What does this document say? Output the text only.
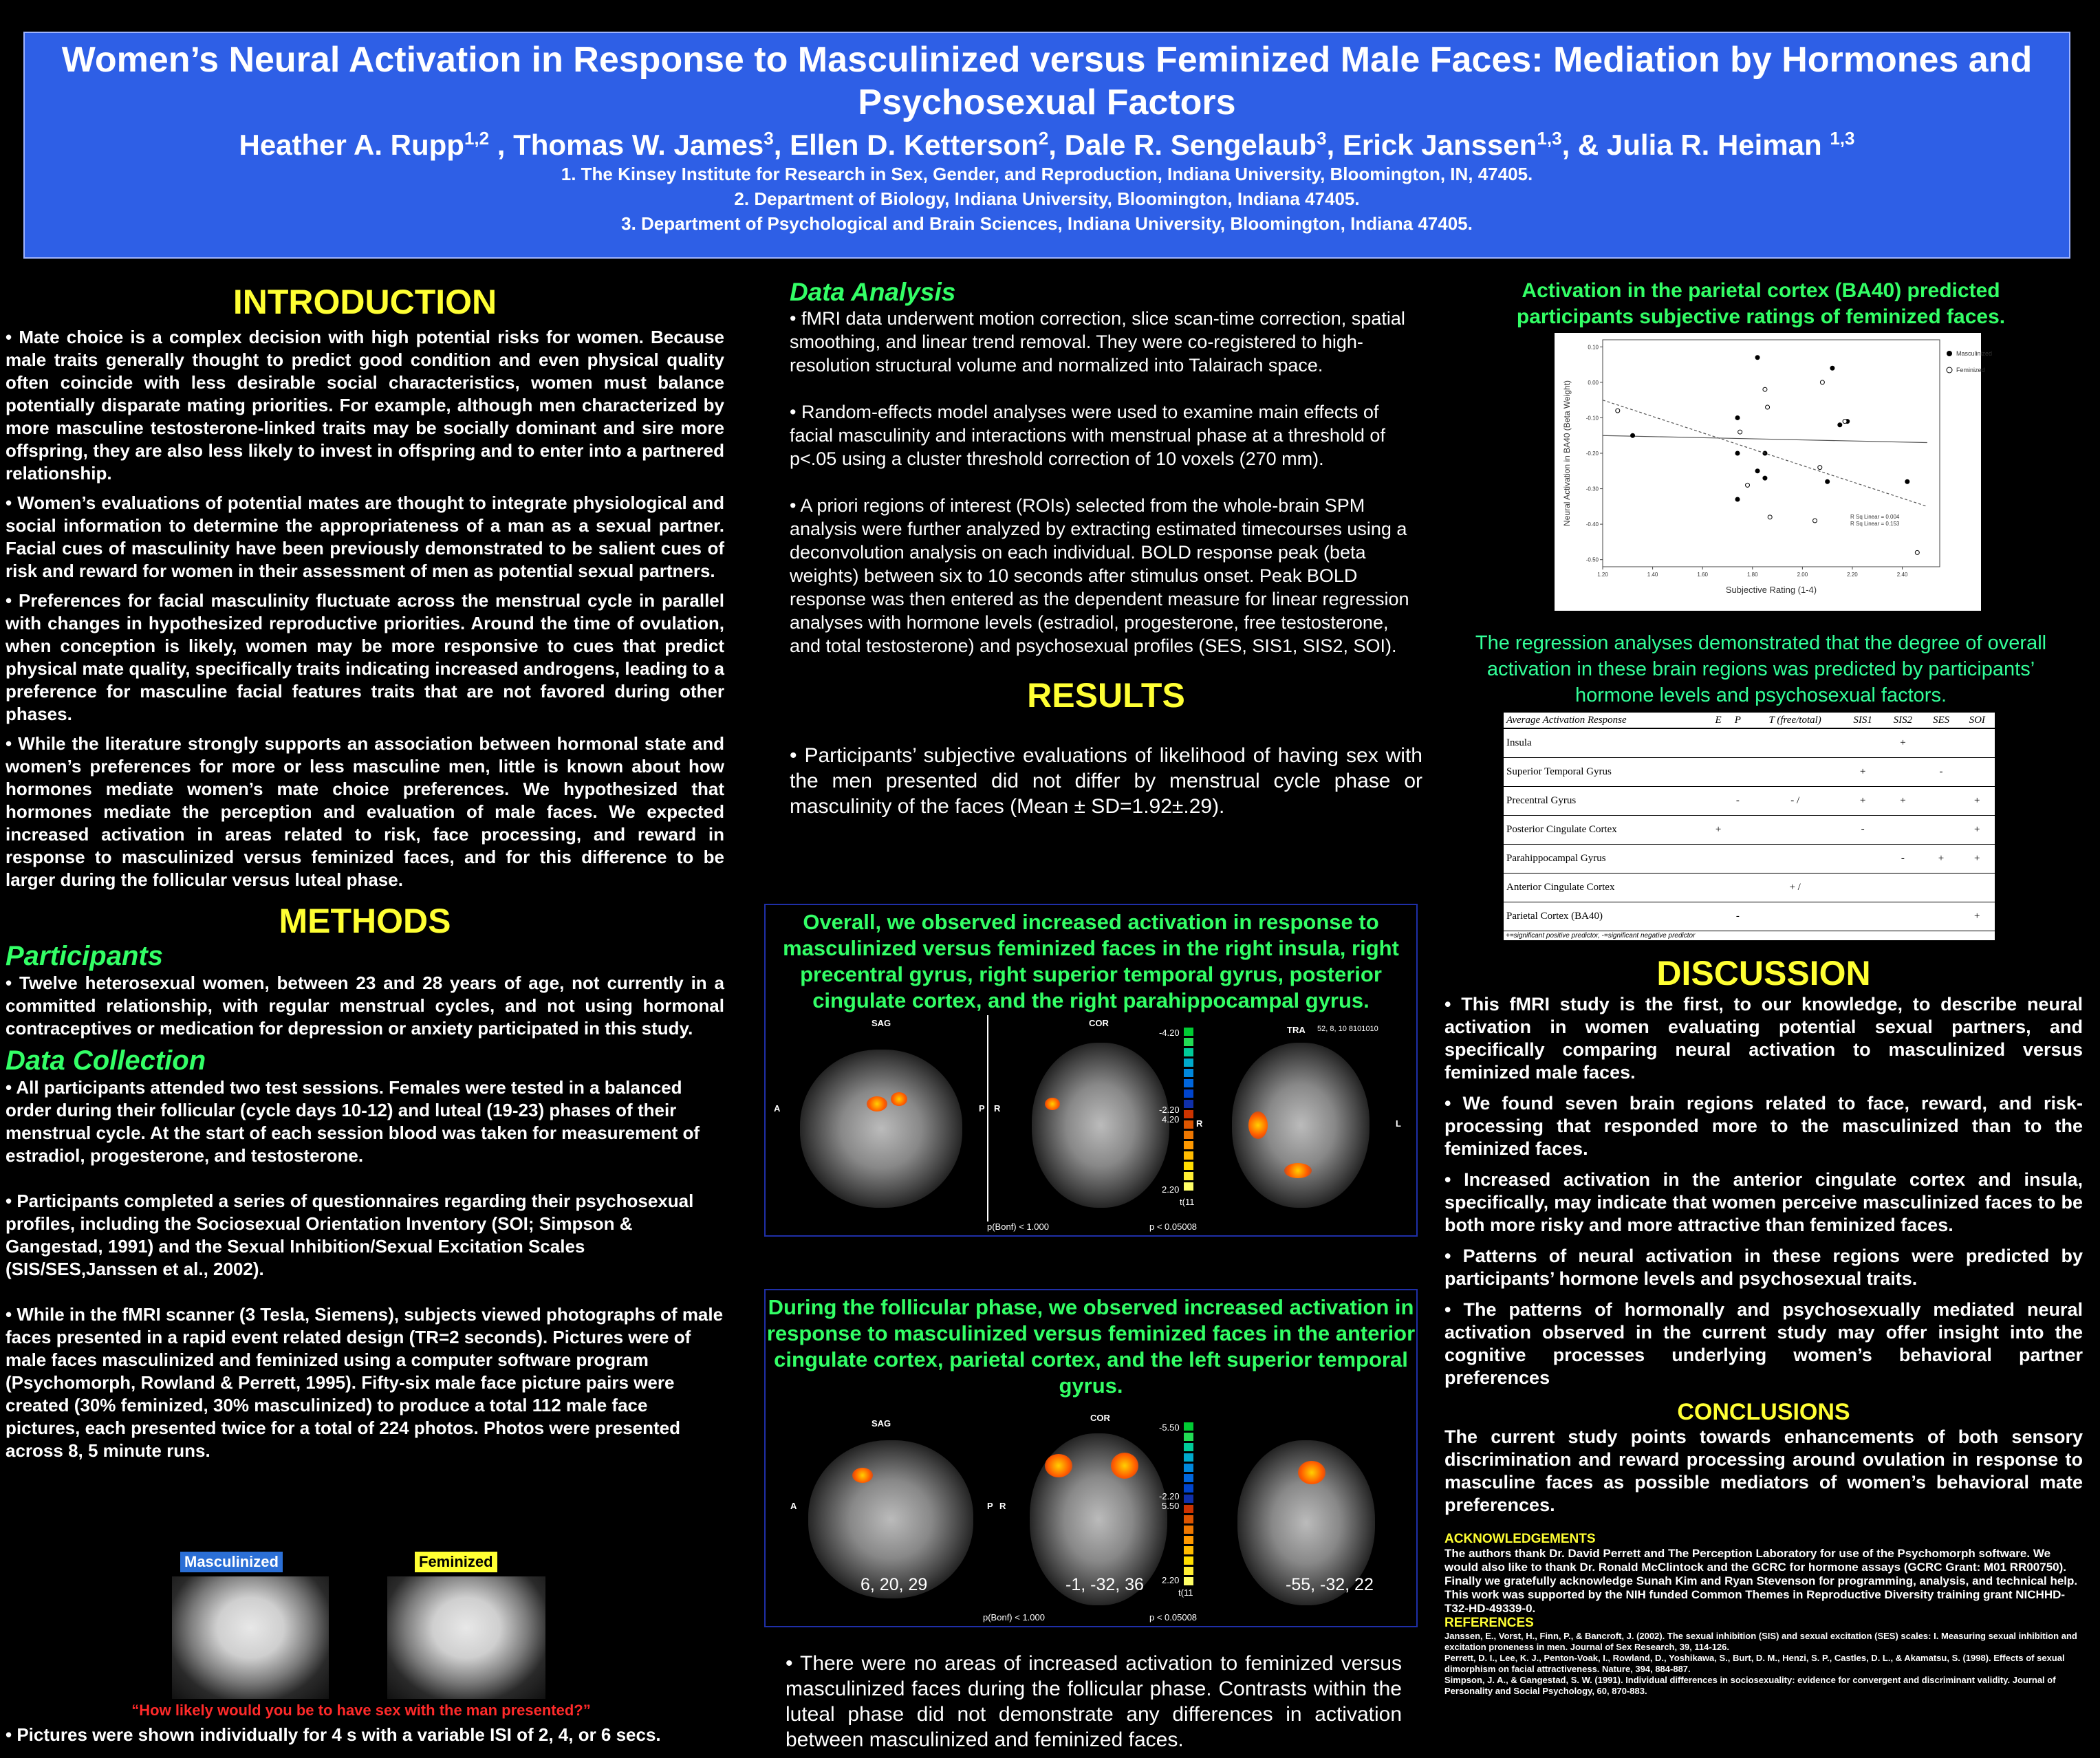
Women’s Neural Activation in Response to Masculinized versus Feminized Male Faces: Mediation by Hormones and Psychosexual Factors
Heather A. Rupp$^{1,2}$ , Thomas W. James$^3$, Ellen D. Ketterson$^2$, Dale R. Sengelaub$^3$, Erick Janssen$^{1,3}$, & Julia R. Heiman $^{1,3}$
1. The Kinsey Institute for Research in Sex, Gender, and Reproduction, Indiana University, Bloomington, IN, 47405.
2. Department of Biology, Indiana University, Bloomington, Indiana 47405.
3. Department of Psychological and Brain Sciences, Indiana University, Bloomington, Indiana 47405.
INTRODUCTION
• Mate choice is a complex decision with high potential risks for women. Because male traits generally thought to predict good condition and even physical quality often coincide with less desirable social characteristics, women must balance potentially disparate mating priorities. For example, although men characterized by more masculine testosterone-linked traits may be socially dominant and sire more offspring, they are also less likely to invest in offspring and to enter into a partnered relationship.
• Women’s evaluations of potential mates are thought to integrate physiological and social information to determine the appropriateness of a man as a sexual partner. Facial cues of masculinity have been previously demonstrated to be salient cues of risk and reward for women in their assessment of men as potential sexual partners.
• Preferences for facial masculinity fluctuate across the menstrual cycle in parallel with changes in hypothesized reproductive priorities. Around the time of ovulation, when conception is likely, women may be more responsive to cues that predict physical mate quality, specifically traits indicating increased androgens, leading to a preference for masculine facial features traits that are not favored during other phases.
• While the literature strongly supports an association between hormonal state and women’s preferences for more or less masculine men, little is known about how hormones mediate women’s mate choice preferences. We hypothesized that hormones mediate the perception and evaluation of male faces. We expected increased activation in areas related to risk, face processing, and reward in response to masculinized versus feminized faces, and for this difference to be larger during the follicular versus luteal phase.
METHODS
Participants
• Twelve heterosexual women, between 23 and 28 years of age, not currently in a committed relationship, with regular menstrual cycles, and not using hormonal contraceptives or medication for depression or anxiety participated in this study.
Data Collection
• All participants attended two test sessions. Females were tested in a balanced order during their follicular (cycle days 10-12) and luteal (19-23) phases of their menstrual cycle. At the start of each session blood was taken for measurement of estradiol, progesterone, and testosterone.
• Participants completed a series of questionnaires regarding their psychosexual profiles, including the Sociosexual Orientation Inventory (SOI; Simpson & Gangestad, 1991) and the Sexual Inhibition/Sexual Excitation Scales (SIS/SES,Janssen et al., 2002).
• While in the fMRI scanner (3 Tesla, Siemens), subjects viewed photographs of male faces presented in a rapid event related design (TR=2 seconds). Pictures were of male faces masculinized and feminized using a computer software program (Psychomorph, Rowland & Perrett, 1995). Fifty-six male face picture pairs were created (30% feminized, 30% masculinized) to produce a total 112 male face pictures, each presented twice for a total of 224 photos. Photos were presented across 8, 5 minute runs.
Masculinized	Feminized
“How likely would you be to have sex with the man presented?”
• Pictures were shown individually for 4 s with a variable ISI of 2, 4, or 6 secs.
Data Analysis
• fMRI data underwent motion correction, slice scan-time correction, spatial smoothing, and linear trend removal. They were co-registered to high-resolution structural volume and normalized into Talairach space.
• Random-effects model analyses were used to examine main effects of facial masculinity and interactions with menstrual phase at a threshold of p<.05 using a cluster threshold correction of 10 voxels (270 mm).
• A priori regions of interest (ROIs) selected from the whole-brain SPM analysis were further analyzed by extracting estimated timecourses using a deconvolution analysis on each individual. BOLD response peak (beta weights) between six to 10 seconds after stimulus onset. Peak BOLD response was then entered as the dependent measure for linear regression analyses with hormone levels (estradiol, progesterone, free testosterone, and total testosterone) and psychosexual profiles (SES, SIS1, SIS2, SOI).
RESULTS
• Participants’ subjective evaluations of likelihood of having sex with the men presented did not differ by menstrual cycle phase or masculinity of the faces (Mean ± SD=1.92±.29).
Overall, we observed increased activation in response to masculinized versus feminized faces in the right insula, right precentral gyrus, right superior temporal gyrus, posterior cingulate cortex, and the right parahippocampal gyrus.
SAG	COR
TRA 52, 8, 10 8101010
A	P R
R	L
-4.20
-2.20
4.20
2.20
t(11
p(Bonf) < 1.000	p < 0.05008
During the follicular phase, we observed increased activation in response to masculinized versus feminized faces in the anterior cingulate cortex, parietal cortex, and the left superior temporal gyrus.
SAG
COR
A	P R
-5.50
-2.20
5.50
2.20
t(11
6, 20, 29	-1, -32, 36	-55, -32, 22
p(Bonf) < 1.000	p < 0.05008
• There were no areas of increased activation to feminized versus masculinized faces during the follicular phase. Contrasts within the luteal phase did not demonstrate any differences in activation between masculinized and feminized faces.
Activation in the parietal cortex (BA40) predicted participants subjective ratings of feminized faces.
1.20	1.40	1.60	1.80	2.00	2.20	2.40
0.10
0.00
-0.10
-0.20
-0.30
-0.40
-0.50
Subjective Rating (1-4)
Neural Activation in BA40 (Beta Weight)
Masculinized
Feminized
R Sq Linear = 0.004
R Sq Linear = 0.153
The regression analyses demonstrated that the degree of overall activation in these brain regions was predicted by participants’ hormone levels and psychosexual factors.
Average Activation Response	E	P	T (free/total)	SIS1	SIS2	SES	SOI
Insula					+		
Superior Temporal Gyrus				+		-	
Precentral Gyrus		-	- /	+	+		+
Posterior Cingulate Cortex	+			-			+
Parahippocampal Gyrus					-	+	+
Anterior Cingulate Cortex			+ /				
Parietal Cortex (BA40)		-					+
+=significant positive predictor, -=significant negative predictor
DISCUSSION
• This fMRI study is the first, to our knowledge, to describe neural activation in women evaluating potential sexual partners, and specifically comparing neural activation to masculinized versus feminized male faces.
• We found seven brain regions related to face, reward, and risk-processing that responded more to the masculinized than to the feminized faces.
• Increased activation in the anterior cingulate cortex and insula, specifically, may indicate that women perceive masculinized faces to be both more risky and more attractive than feminized faces.
• Patterns of neural activation in these regions were predicted by participants’ hormone levels and psychosexual traits.
• The patterns of hormonally and psychosexually mediated neural activation observed in the current study may offer insight into the cognitive processes underlying women’s behavioral partner preferences
CONCLUSIONS
The current study points towards enhancements of both sensory discrimination and reward processing around ovulation in response to masculine faces as possible mediators of women’s behavioral mate preferences.
ACKNOWLEDGEMENTS
The authors thank Dr. David Perrett and The Perception Laboratory for use of the Psychomorph software. We would also like to thank Dr. Ronald McClintock and the GCRC for hormone assays (GCRC Grant: M01 RR00750). Finally we gratefully acknowledge Sunah Kim and Ryan Stevenson for programming, analysis, and technical help. This work was supported by the NIH funded Common Themes in Reproductive Diversity training grant NICHHD-T32-HD-49339-0.
REFERENCES
Janssen, E., Vorst, H., Finn, P., & Bancroft, J. (2002). The sexual inhibition (SIS) and sexual excitation (SES) scales: I. Measuring sexual inhibition and excitation proneness in men. Journal of Sex Research, 39, 114-126.
Perrett, D. I., Lee, K. J., Penton-Voak, I., Rowland, D., Yoshikawa, S., Burt, D. M., Henzi, S. P., Castles, D. L., & Akamatsu, S. (1998). Effects of sexual dimorphism on facial attractiveness. Nature, 394, 884-887.
Simpson, J. A., & Gangestad, S. W. (1991). Individual differences in sociosexuality: evidence for convergent and discriminant validity. Journal of Personality and Social Psychology, 60, 870-883.
